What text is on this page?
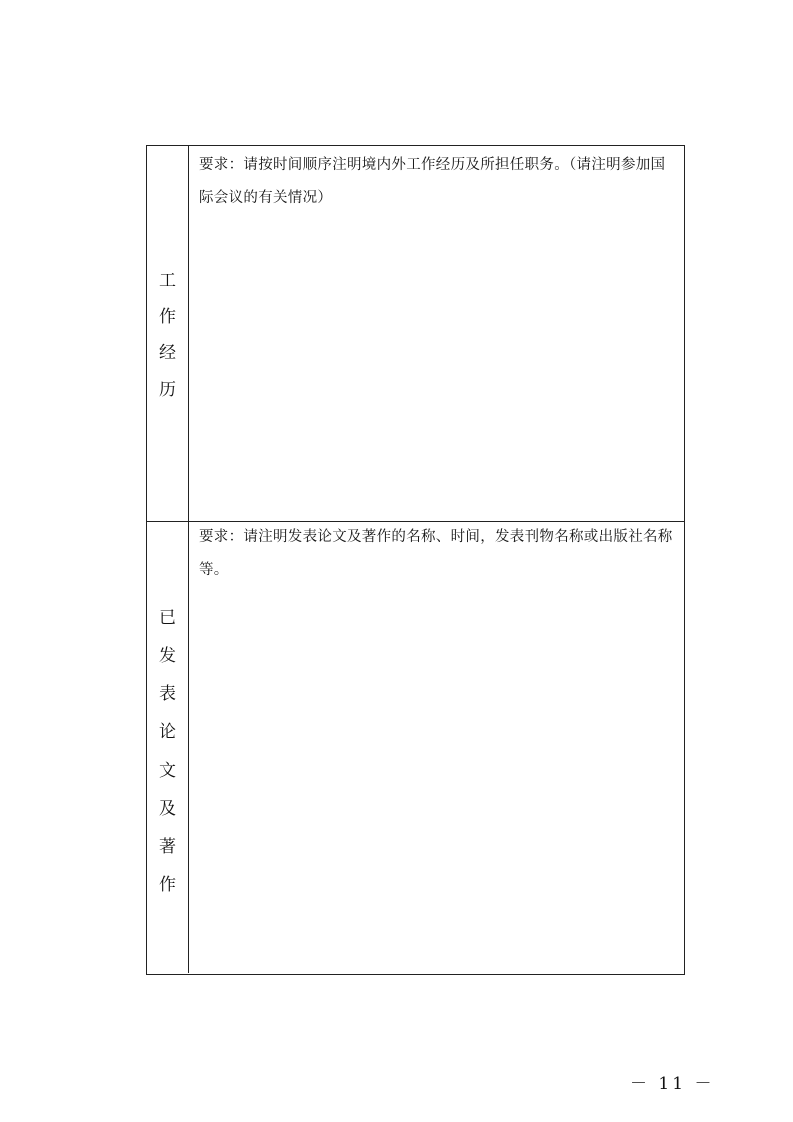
工
作
经
历
要求：请按时间顺序注明境内外工作经历及所担任职务。（请注明参加国际会议的有关情况）
已
发
表
论
文
及
著
作
要求：请注明发表论文及著作的名称、时间，发表刊物名称或出版社名称等。
－ 11 －
